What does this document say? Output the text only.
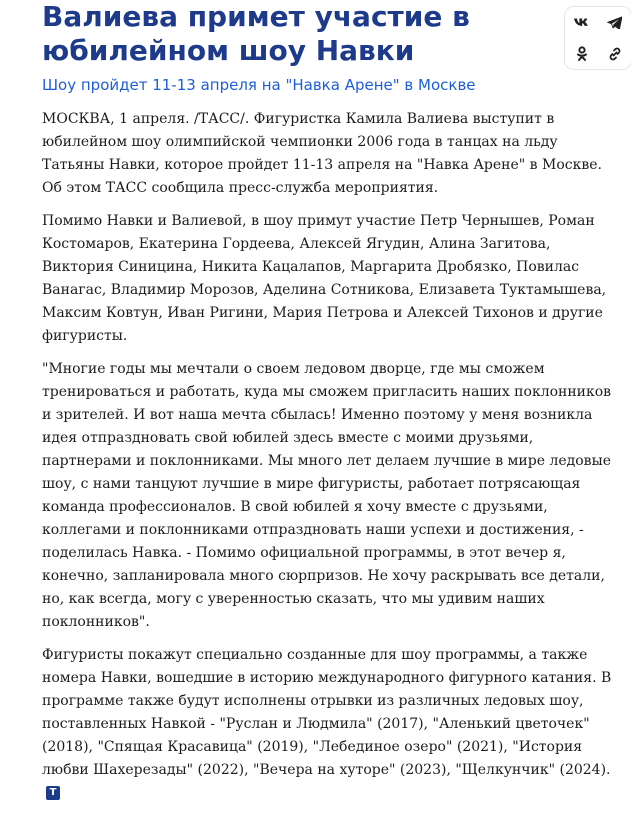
Валиева примет участие в юбилейном шоу Навки

Шоу пройдет 11-13 апреля на "Навка Арене" в Москве

МОСКВА, 1 апреля. /ТАСС/. Фигуристка Камила Валиева выступит в юбилейном шоу олимпийской чемпионки 2006 года в танцах на льду Татьяны Навки, которое пройдет 11-13 апреля на "Навка Арене" в Москве. Об этом ТАСС сообщила пресс-служба мероприятия.

Помимо Навки и Валиевой, в шоу примут участие Петр Чернышев, Роман Костомаров, Екатерина Гордеева, Алексей Ягудин, Алина Загитова, Виктория Синицина, Никита Кацалапов, Маргарита Дробязко, Повилас Ванагас, Владимир Морозов, Аделина Сотникова, Елизавета Туктамышева, Максим Ковтун, Иван Ригини, Мария Петрова и Алексей Тихонов и другие фигуристы.

"Многие годы мы мечтали о своем ледовом дворце, где мы сможем тренироваться и работать, куда мы сможем пригласить наших поклонников и зрителей. И вот наша мечта сбылась! Именно поэтому у меня возникла идея отпраздновать свой юбилей здесь вместе с моими друзьями, партнерами и поклонниками. Мы много лет делаем лучшие в мире ледовые шоу, с нами танцуют лучшие в мире фигуристы, работает потрясающая команда профессионалов. В свой юбилей я хочу вместе с друзьями, коллегами и поклонниками отпраздновать наши успехи и достижения, - поделилась Навка. - Помимо официальной программы, в этот вечер я, конечно, запланировала много сюрпризов. Не хочу раскрывать все детали, но, как всегда, могу с уверенностью сказать, что мы удивим наших поклонников".

Фигуристы покажут специально созданные для шоу программы, а также номера Навки, вошедшие в историю международного фигурного катания. В программе также будут исполнены отрывки из различных ледовых шоу, поставленных Навкой - "Руслан и Людмила" (2017), "Аленький цветочек" (2018), "Спящая Красавица" (2019), "Лебединое озеро" (2021), "История любви Шахерезады" (2022), "Вечера на хуторе" (2023), "Щелкунчик" (2024).T
